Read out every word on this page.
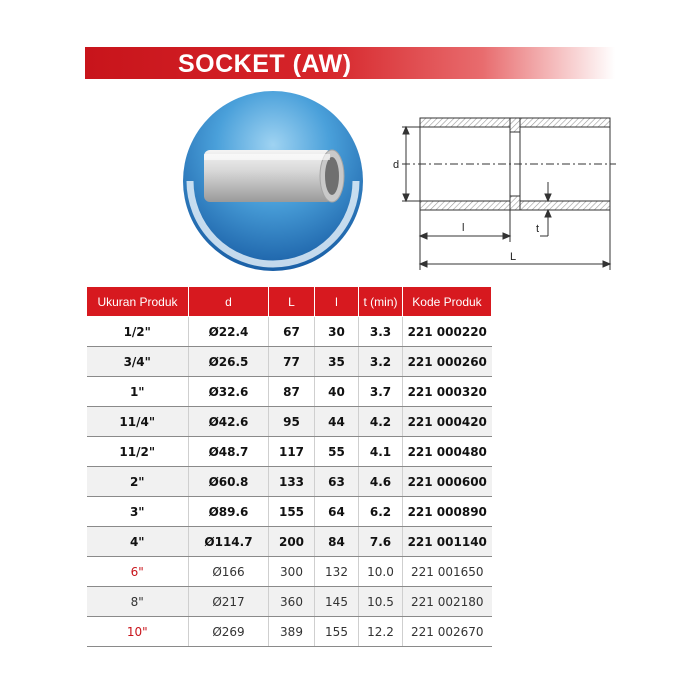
SOCKET (AW)
d
l
L
t
Ukuran Produk	d	L	l	t (min)	Kode Produk
1/2"	Ø22.4	67	30	3.3	221 000220
3/4"	Ø26.5	77	35	3.2	221 000260
1"	Ø32.6	87	40	3.7	221 000320
11/4"	Ø42.6	95	44	4.2	221 000420
11/2"	Ø48.7	117	55	4.1	221 000480
2"	Ø60.8	133	63	4.6	221 000600
3"	Ø89.6	155	64	6.2	221 000890
4"	Ø114.7	200	84	7.6	221 001140
6"	Ø166	300	132	10.0	221 001650
8"	Ø217	360	145	10.5	221 002180
10"	Ø269	389	155	12.2	221 002670
